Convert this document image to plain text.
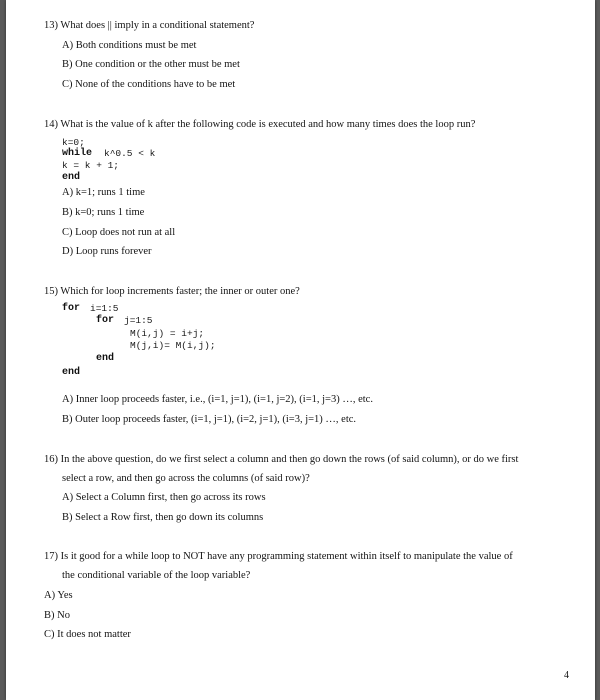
13) What does || imply in a conditional statement?
A) Both conditions must be met
B) One condition or the other must be met
C) None of the conditions have to be met
14) What is the value of k after the following code is executed and how many times does the loop run?
k=0;
while k^0.5 < k
k = k + 1;
end
A) k=1; runs 1 time
B) k=0; runs 1 time
C) Loop does not run at all
D) Loop runs forever
15) Which for loop increments faster; the inner or outer one?
for i=1:5
for j=1:5
M(i,j) = i+j;
M(j,i)= M(i,j);
end
end
A) Inner loop proceeds faster, i.e., (i=1, j=1), (i=1, j=2), (i=1, j=3) …, etc.
B) Outer loop proceeds faster, (i=1, j=1), (i=2, j=1), (i=3, j=1) …, etc.
16) In the above question, do we first select a column and then go down the rows (of said column), or do we first
select a row, and then go across the columns (of said row)?
A) Select a Column first, then go across its rows
B) Select a Row first, then go down its columns
17) Is it good for a while loop to NOT have any programming statement within itself to manipulate the value of
the conditional variable of the loop variable?
A) Yes
B) No
C) It does not matter
4
